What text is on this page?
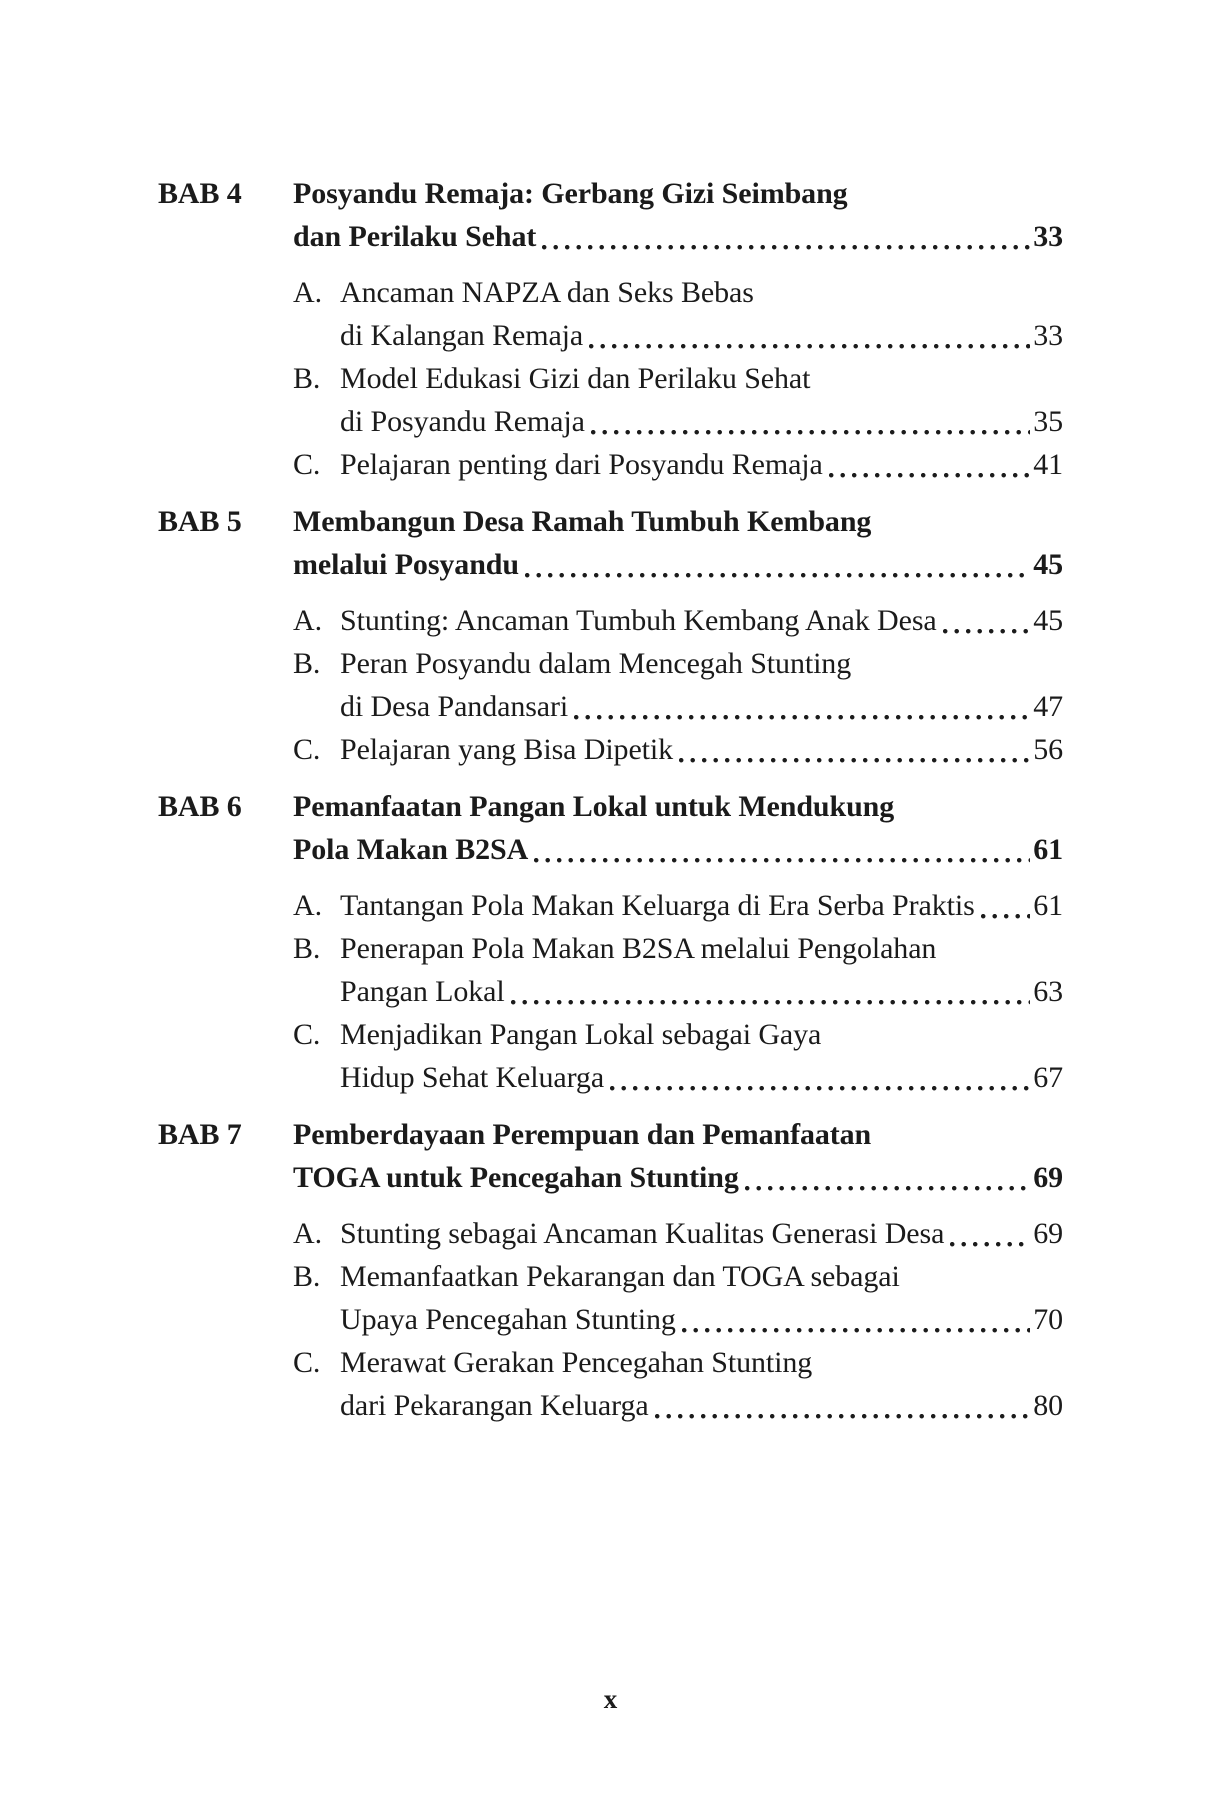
BAB 4	Posyandu Remaja: Gerbang Gizi Seimbang
dan Perilaku Sehat	33
A. Ancaman NAPZA dan Seks Bebas
di Kalangan Remaja	33
B. Model Edukasi Gizi dan Perilaku Sehat
di Posyandu Remaja	35
C. Pelajaran penting dari Posyandu Remaja	41
BAB 5	Membangun Desa Ramah Tumbuh Kembang
melalui Posyandu	45
A. Stunting: Ancaman Tumbuh Kembang Anak Desa	45
B. Peran Posyandu dalam Mencegah Stunting
di Desa Pandansari	47
C. Pelajaran yang Bisa Dipetik	56
BAB 6	Pemanfaatan Pangan Lokal untuk Mendukung
Pola Makan B2SA	61
A. Tantangan Pola Makan Keluarga di Era Serba Praktis 61
B. Penerapan Pola Makan B2SA melalui Pengolahan
Pangan Lokal	63
C. Menjadikan Pangan Lokal sebagai Gaya
Hidup Sehat Keluarga	67
BAB 7	Pemberdayaan Perempuan dan Pemanfaatan
TOGA untuk Pencegahan Stunting	69
A. Stunting sebagai Ancaman Kualitas Generasi Desa	69
B. Memanfaatkan Pekarangan dan TOGA sebagai
Upaya Pencegahan Stunting	70
C. Merawat Gerakan Pencegahan Stunting
dari Pekarangan Keluarga	80
x
